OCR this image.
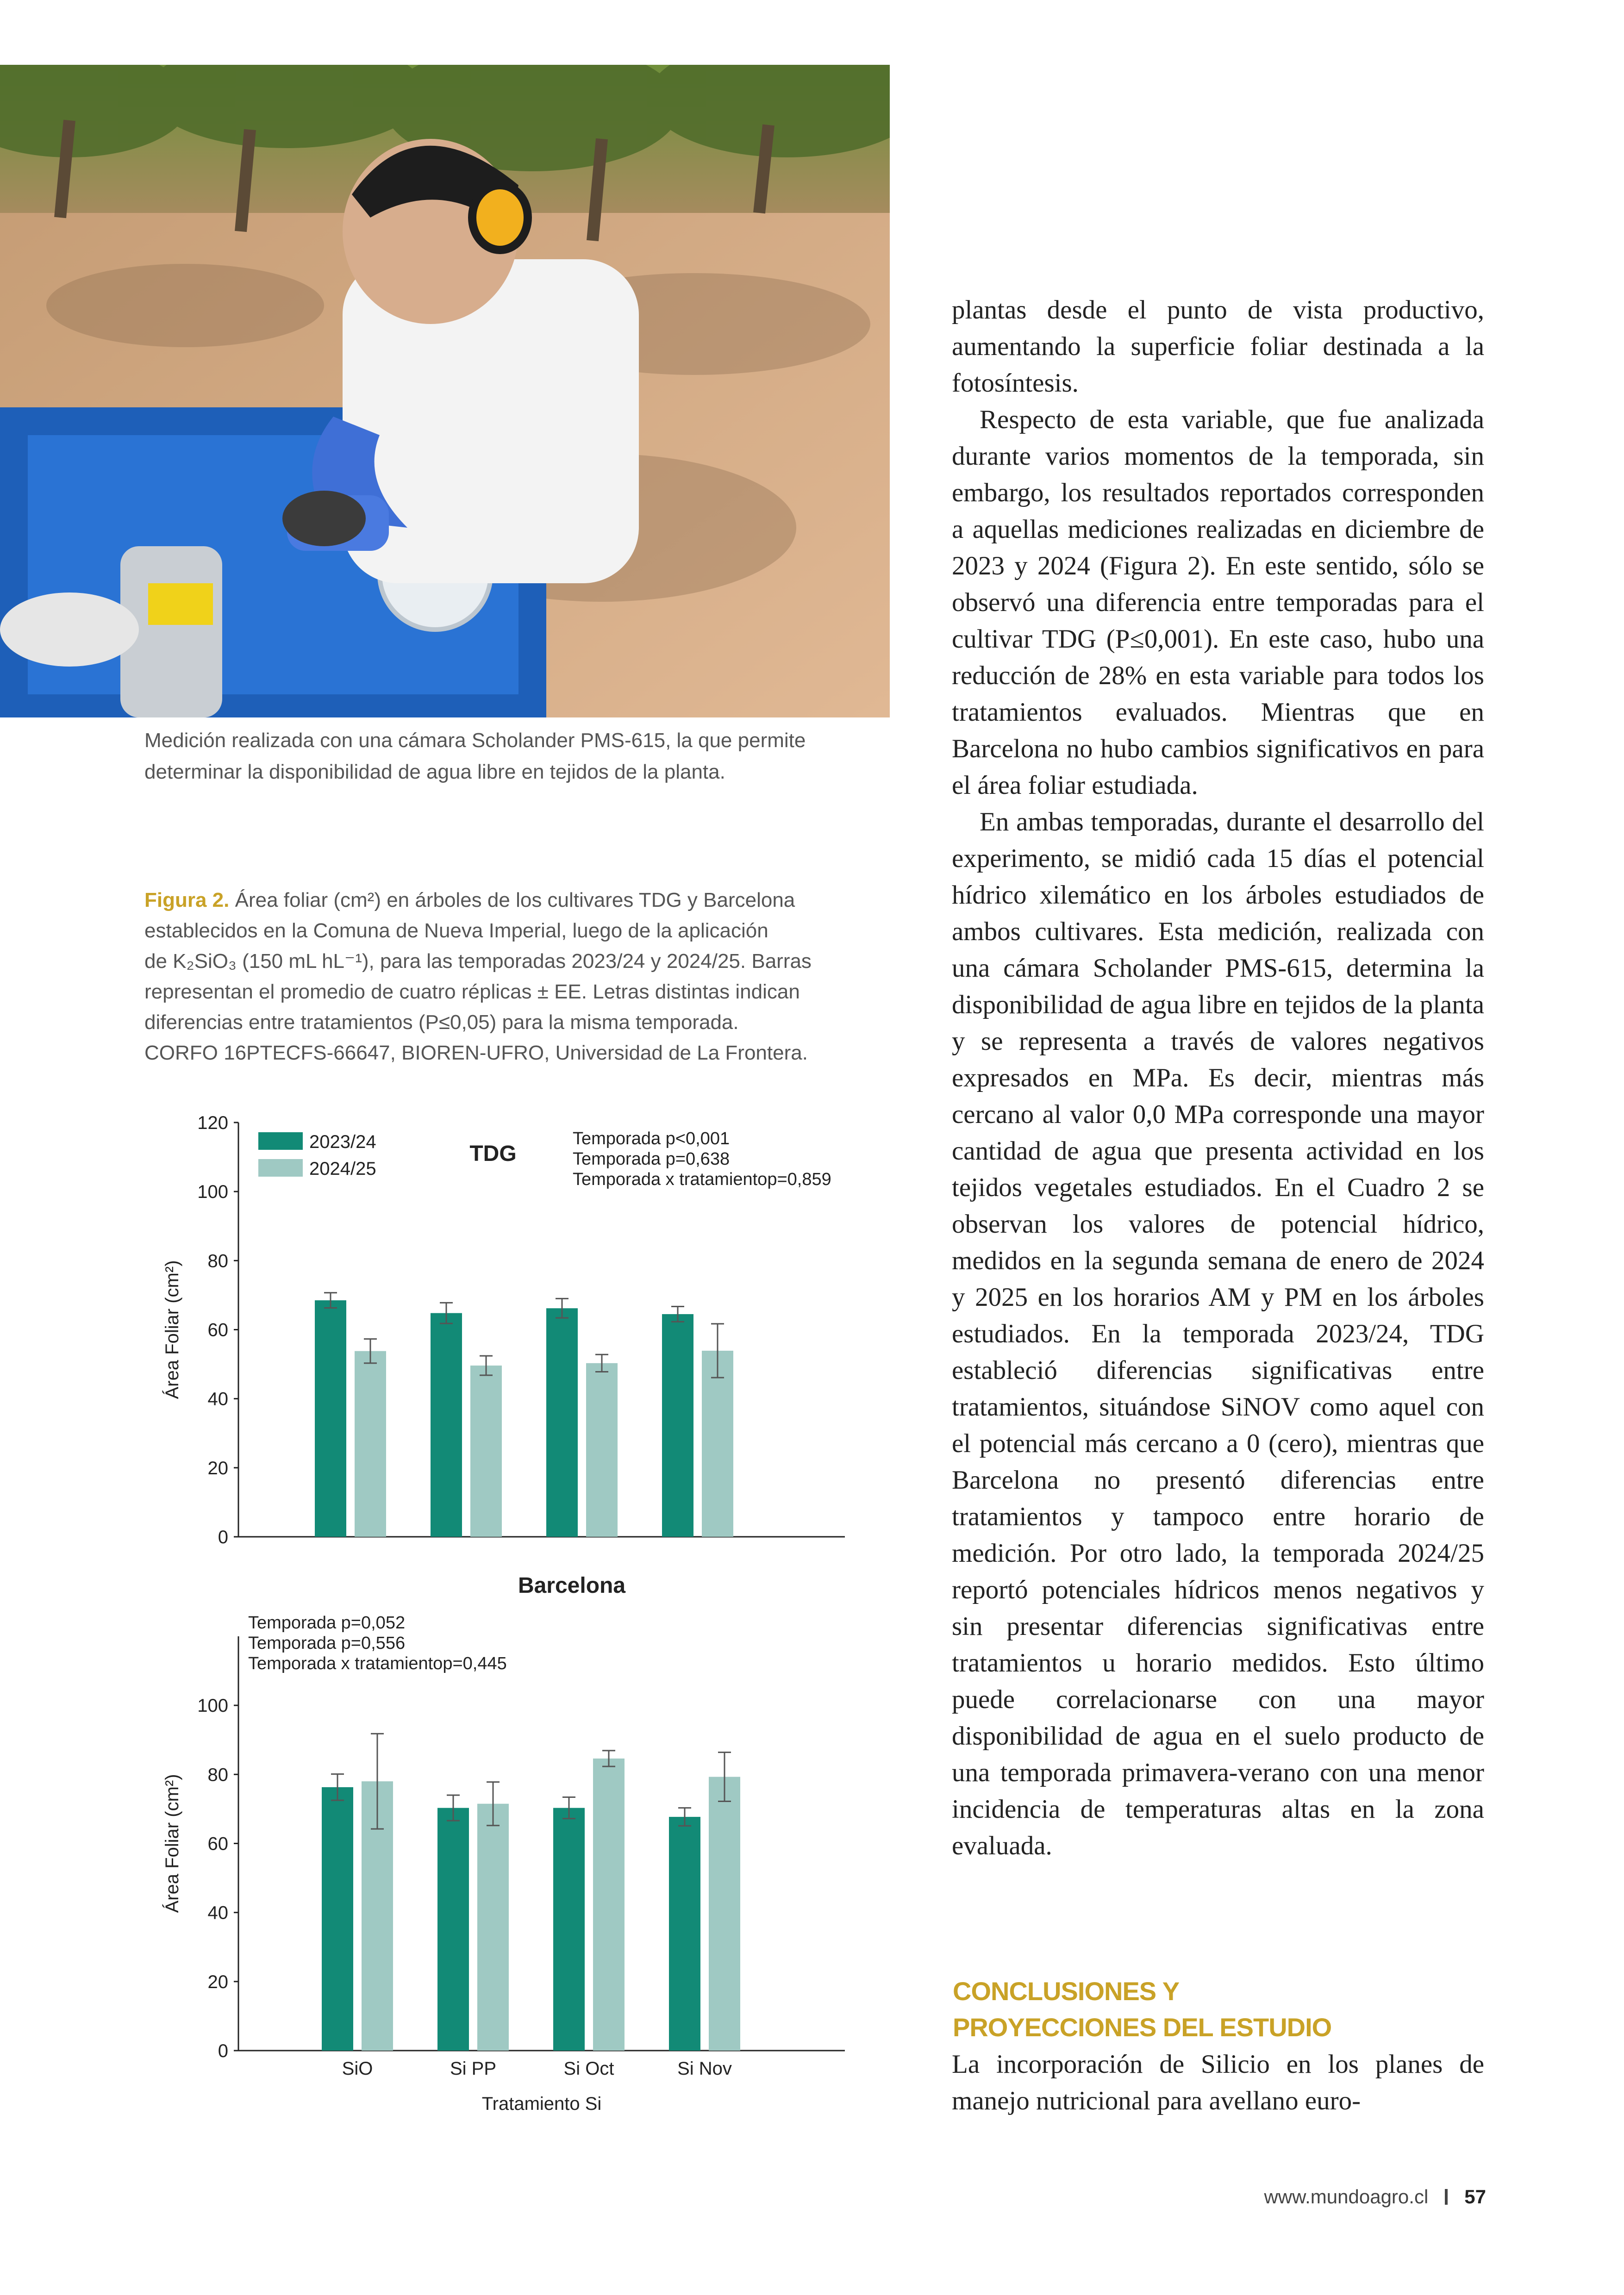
Medición realizada con una cámara Scholander PMS-615, la que permite determinar la disponibilidad de agua libre en tejidos de la planta.

Figura 2. Área foliar (cm²) en árboles de los cultivares TDG y Barcelona
establecidos en la Comuna de Nueva Imperial, luego de la aplicación
de K₂SiO₃ (150 mL hL⁻¹), para las temporadas 2023/24 y 2024/25. Barras
representan el promedio de cuatro réplicas ± EE. Letras distintas indican
diferencias entre tratamientos (P≤0,05) para la misma temporada.
CORFO 16PTECFS-66647, BIOREN-UFRO, Universidad de La Frontera.
0
20
40
60
80
100
120
Área Foliar (cm²)
TDG
2023/24
2024/25
Temporada p<0,001
Temporada p=0,638
Temporada x tratamientop=0,859
0
20
40
60
80
100
Área Foliar (cm²)
SiO	Si PP	Si Oct	Si Nov
Tratamiento Si
Barcelona
Temporada p=0,052
Temporada p=0,556
Temporada x tratamientop=0,445

plantas desde el punto de vista productivo, aumentando la superficie foliar destinada a la fotosíntesis.

Respecto de esta variable, que fue analizada durante varios momentos de la temporada, sin embargo, los resultados reportados corresponden a aquellas mediciones realizadas en diciembre de 2023 y 2024 (Figura 2). En este sentido, sólo se observó una diferencia entre temporadas para el cultivar TDG (P≤0,001). En este caso, hubo una reducción de 28% en esta variable para todos los tratamientos evaluados. Mientras que en Barcelona no hubo cambios significativos en para el área foliar estudiada.

En ambas temporadas, durante el desarrollo del experimento, se midió cada 15 días el potencial hídrico xilemático en los árboles estudiados de ambos cultivares. Esta medición, realizada con una cámara Scholander PMS-615, determina la disponibilidad de agua libre en tejidos de la planta y se representa a través de valores negativos expresados en MPa. Es decir, mientras más cercano al valor 0,0 MPa corresponde una mayor cantidad de agua que presenta actividad en los tejidos vegetales estudiados. En el Cuadro 2 se observan los valores de potencial hídrico, medidos en la segunda semana de enero de 2024 y 2025 en los horarios AM y PM en los árboles estudiados. En la temporada 2023/24, TDG estableció diferencias significativas entre tratamientos, situándose SiNOV como aquel con el potencial más cercano a 0 (cero), mientras que Barcelona no presentó diferencias entre tratamientos y tampoco entre horario de medición. Por otro lado, la temporada 2024/25 reportó potenciales hídricos menos negativos y sin presentar diferencias significativas entre tratamientos u horario medidos. Esto último puede correlacionarse con una mayor disponibilidad de agua en el suelo producto de una temporada primavera-verano con una menor incidencia de temperaturas altas en la zona evaluada.

CONCLUSIONES Y
PROYECCIONES DEL ESTUDIO

La incorporación de Silicio en los planes de manejo nutricional para avellano euro-

www.mundoagro.cl 57
